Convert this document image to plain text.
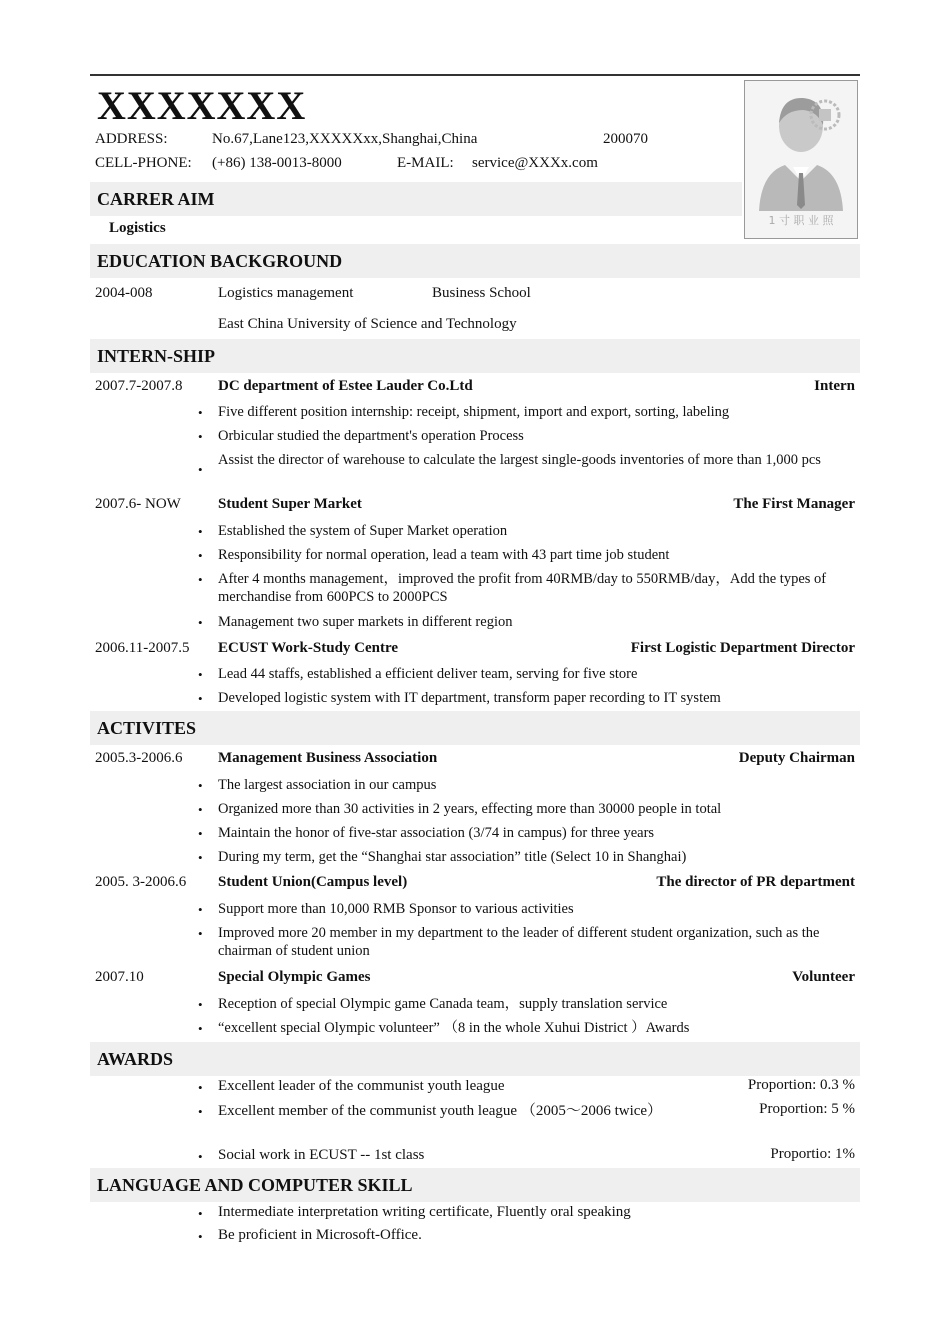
XXXXXXX
ADDRESS:	No.67,Lane123,XXXXXxx,Shanghai,China	200070
CELL-PHONE: (+86) 138-0013-8000	E-MAIL: service@XXXx.com
1 寸 职 业 照
CARRER AIM
Logistics
EDUCATION BACKGROUND
2004-008	Logistics management	Business School
East China University of Science and Technology
INTERN-SHIP
2007.7-2007.8 DC department of Estee Lauder Co.Ltd	Intern
• Five different position internship: receipt, shipment, import and export, sorting, labeling
• Orbicular studied the department's operation Process
•
Assist the director of warehouse to calculate the largest single-goods inventories of more than 1,000 pcs
2007.6- NOW Student Super Market	The First Manager
• Established the system of Super Market operation
• Responsibility for normal operation, lead a team with 43 part time job student
• After 4 months management，improved the profit from 40RMB/day to 550RMB/day，Add the types of merchandise from 600PCS to 2000PCS
• Management two super markets in different region
2006.11-2007.5 ECUST Work-Study Centre	First Logistic Department Director
• Lead 44 staffs, established a efficient deliver team, serving for five store
• Developed logistic system with IT department, transform paper recording to IT system
ACTIVITES
2005.3-2006.6 Management Business Association	Deputy Chairman
• The largest association in our campus
• Organized more than 30 activities in 2 years, effecting more than 30000 people in total
• Maintain the honor of five-star association (3/74 in campus) for three years
• During my term, get the “Shanghai star association” title (Select 10 in Shanghai)
2005. 3-2006.6 Student Union(Campus level)	The director of PR department
• Support more than 10,000 RMB Sponsor to various activities
• Improved more 20 member in my department to the leader of different student organization, such as the chairman of student union
2007.10	Special Olympic Games	Volunteer
• Reception of special Olympic game Canada team，supply translation service
• “excellent special Olympic volunteer” （8 in the whole Xuhui District ）Awards
AWARDS
• Excellent leader of the communist youth league	Proportion: 0.3 %
• Excellent member of the communist youth league （2005～2006 twice）	Proportion: 5 %
• Social work in ECUST -- 1st class	Proportio: 1%
LANGUAGE AND COMPUTER SKILL
• Intermediate interpretation writing certificate, Fluently oral speaking
• Be proficient in Microsoft-Office.
